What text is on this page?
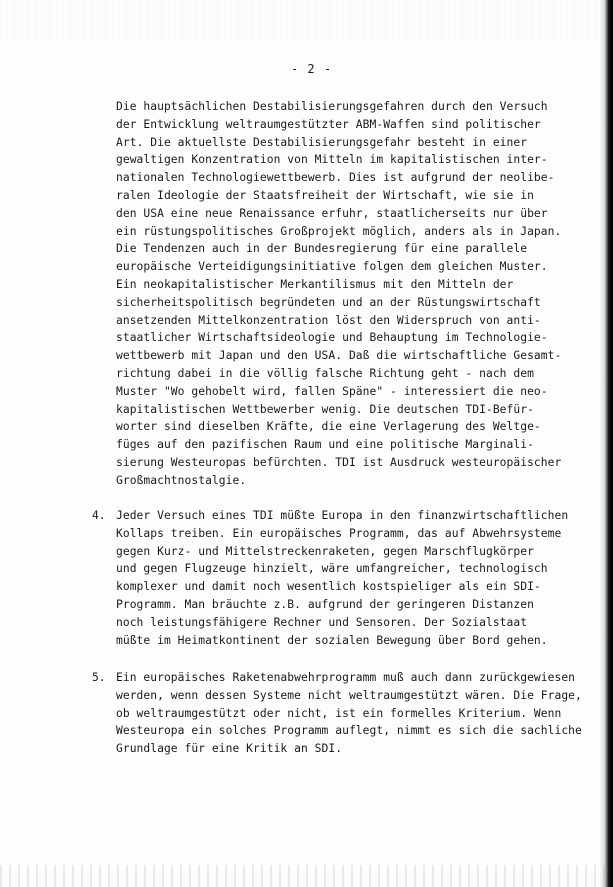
- 2 -
Die hauptsächlichen Destabilisierungsgefahren durch den Versuch
der Entwicklung weltraumgestützter ABM-Waffen sind politischer
Art. Die aktuellste Destabilisierungsgefahr besteht in einer
gewaltigen Konzentration von Mitteln im kapitalistischen inter-
nationalen Technologiewettbewerb. Dies ist aufgrund der neolibe-
ralen Ideologie der Staatsfreiheit der Wirtschaft, wie sie in
den USA eine neue Renaissance erfuhr, staatlicherseits nur über
ein rüstungspolitisches Großprojekt möglich, anders als in Japan.
Die Tendenzen auch in der Bundesregierung für eine parallele
europäische Verteidigungsinitiative folgen dem gleichen Muster.
Ein neokapitalistischer Merkantilismus mit den Mitteln der
sicherheitspolitisch begründeten und an der Rüstungswirtschaft
ansetzenden Mittelkonzentration löst den Widerspruch von anti-
staatlicher Wirtschaftsideologie und Behauptung im Technologie-
wettbewerb mit Japan und den USA. Daß die wirtschaftliche Gesamt-
richtung dabei in die völlig falsche Richtung geht - nach dem
Muster "Wo gehobelt wird, fallen Späne" - interessiert die neo-
kapitalistischen Wettbewerber wenig. Die deutschen TDI-Befür-
worter sind dieselben Kräfte, die eine Verlagerung des Weltge-
füges auf den pazifischen Raum und eine politische Marginali-
sierung Westeuropas befürchten. TDI ist Ausdruck westeuropäischer
Großmachtnostalgie.
4. Jeder Versuch eines TDI müßte Europa in den finanzwirtschaftlichen
Kollaps treiben. Ein europäisches Programm, das auf Abwehrsysteme
gegen Kurz- und Mittelstreckenraketen, gegen Marschflugkörper
und gegen Flugzeuge hinzielt, wäre umfangreicher, technologisch
komplexer und damit noch wesentlich kostspieliger als ein SDI-
Programm. Man bräuchte z.B. aufgrund der geringeren Distanzen
noch leistungsfähigere Rechner und Sensoren. Der Sozialstaat
müßte im Heimatkontinent der sozialen Bewegung über Bord gehen.
5. Ein europäisches Raketenabwehrprogramm muß auch dann zurückgewiesen
werden, wenn dessen Systeme nicht weltraumgestützt wären. Die Frage,
ob weltraumgestützt oder nicht, ist ein formelles Kriterium. Wenn
Westeuropa ein solches Programm auflegt, nimmt es sich die sachliche
Grundlage für eine Kritik an SDI.
